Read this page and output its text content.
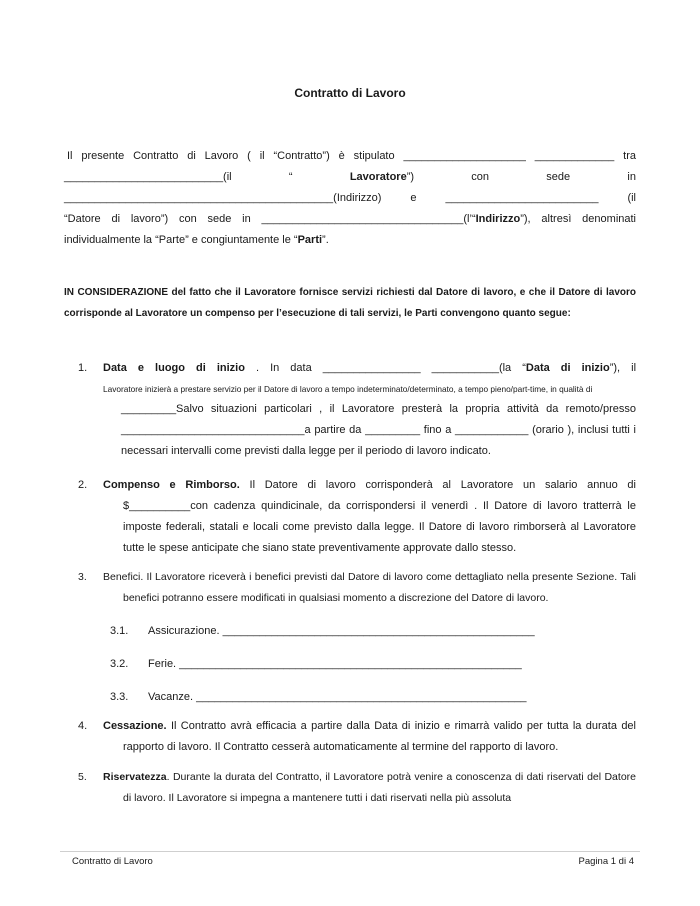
Contratto di Lavoro

Il presente Contratto di Lavoro ( il “Contratto”) è stipulato ____________________ _____________ tra

__________________________(il “ Lavoratore”) con sede in

____________________________________________(Indirizzo) e _________________________ (il

“Datore di lavoro”) con sede in _________________________________(l’“Indirizzo”), altresì denominati

individualmente la “Parte” e congiuntamente le “Parti”.

IN CONSIDERAZIONE del fatto che il Lavoratore fornisce servizi richiesti dal Datore di lavoro, e che il Datore di lavoro corrisponde al Lavoratore un compenso per l’esecuzione di tali servizi, le Parti convengono quanto segue:

1.	Data e luogo di inizio . In data ________________ ___________(la “Data di inizio”), il

Lavoratore inizierà a prestare servizio per il Datore di lavoro a tempo indeterminato/determinato, a tempo pieno/part-time, in qualità di

_________Salvo situazioni particolari , il Lavoratore presterà la propria attività da remoto/presso ______________________________a partire da _________ fino a ____________ (orario ), inclusi tutti i necessari intervalli come previsti dalla legge per il periodo di lavoro indicato.

2.	Compenso e Rimborso. Il Datore di lavoro corrisponderà al Lavoratore un salario annuo di $__________con cadenza quindicinale, da corrispondersi il venerdì . Il Datore di lavoro tratterrà le imposte federali, statali e locali come previsto dalla legge. Il Datore di lavoro rimborserà al Lavoratore tutte le spese anticipate che siano state preventivamente approvate dallo stesso.

3.	Benefici. Il Lavoratore riceverà i benefici previsti dal Datore di lavoro come dettagliato nella presente Sezione. Tali benefici potranno essere modificati in qualsiasi momento a discrezione del Datore di lavoro.

3.1.	Assicurazione. ___________________________________________________
3.2.	Ferie. ________________________________________________________
3.3.	Vacanze. ______________________________________________________
4.	Cessazione. Il Contratto avrà efficacia a partire dalla Data di inizio e rimarrà valido per tutta la durata del rapporto di lavoro. Il Contratto cesserà automaticamente al termine del rapporto di lavoro.

5.	Riservatezza. Durante la durata del Contratto, il Lavoratore potrà venire a conoscenza di dati riservati del Datore di lavoro. Il Lavoratore si impegna a mantenere tutti i dati riservati nella più assoluta

Contratto di Lavoro	Pagina 1 di 4
